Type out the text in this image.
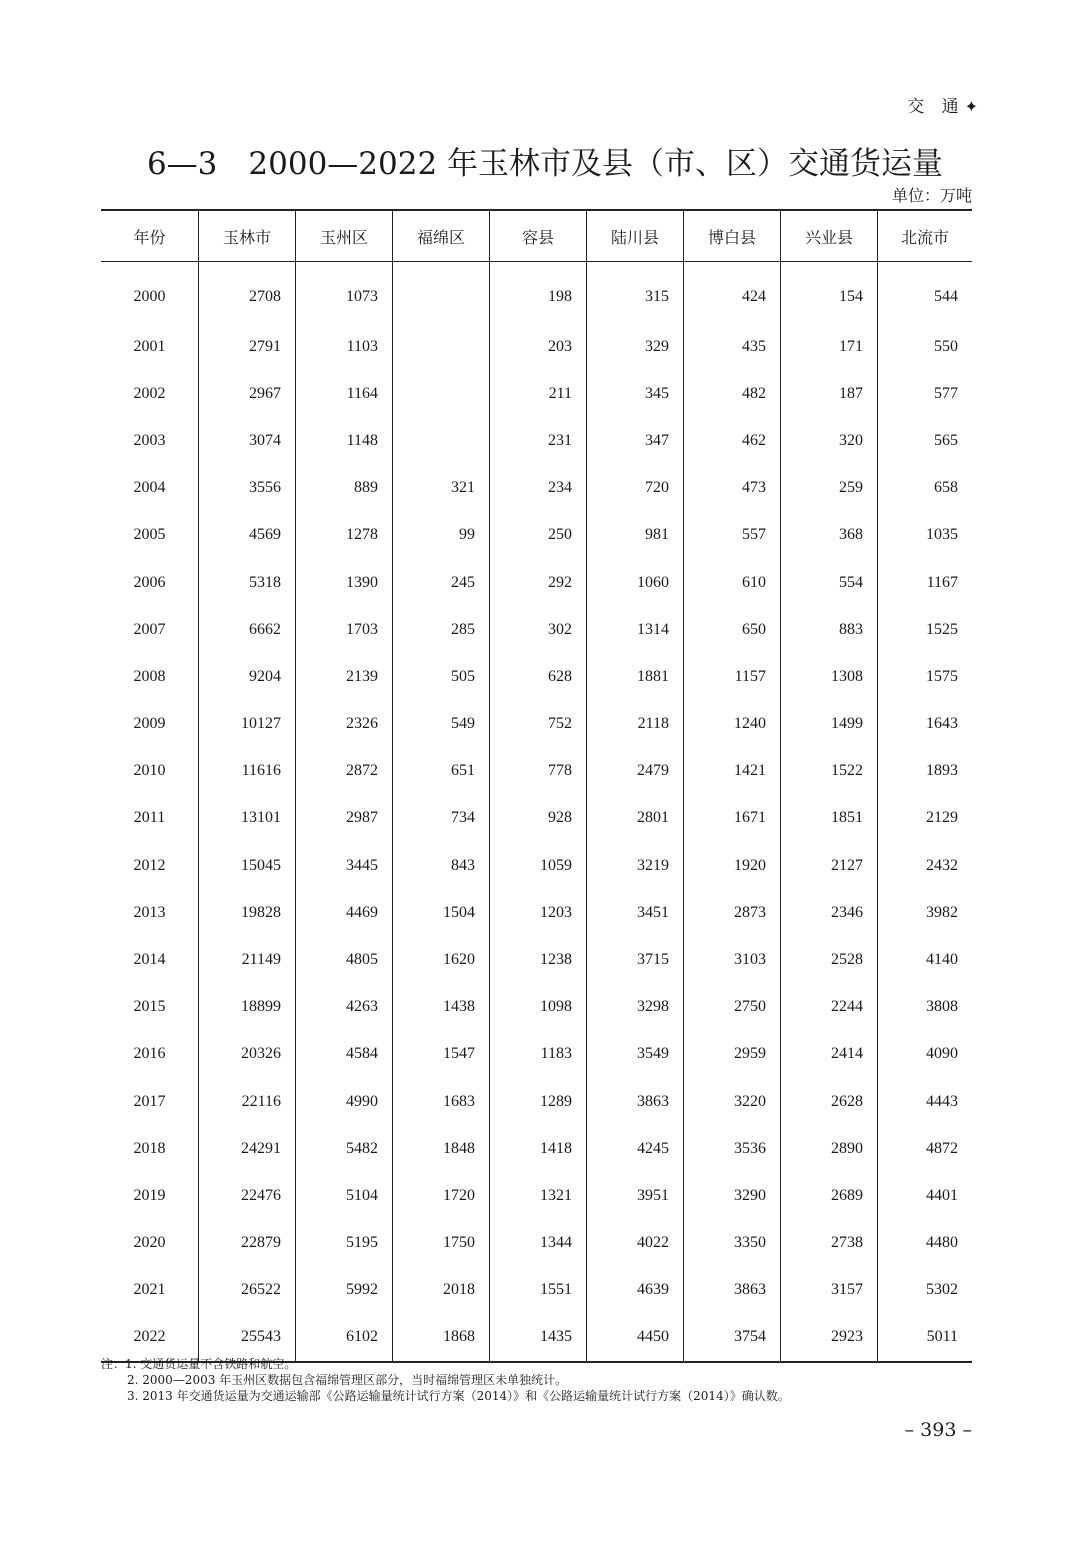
交 通✦
6—3　2000—2022 年玉林市及县（市、区）交通货运量
单位：万吨
年份	玉林市	玉州区	福绵区	容县	陆川县	博白县	兴业县	北流市
2000	2708	1073		198	315	424	154	544
2001	2791	1103		203	329	435	171	550
2002	2967	1164		211	345	482	187	577
2003	3074	1148		231	347	462	320	565
2004	3556	889	321	234	720	473	259	658
2005	4569	1278	99	250	981	557	368	1035
2006	5318	1390	245	292	1060	610	554	1167
2007	6662	1703	285	302	1314	650	883	1525
2008	9204	2139	505	628	1881	1157	1308	1575
2009	10127	2326	549	752	2118	1240	1499	1643
2010	11616	2872	651	778	2479	1421	1522	1893
2011	13101	2987	734	928	2801	1671	1851	2129
2012	15045	3445	843	1059	3219	1920	2127	2432
2013	19828	4469	1504	1203	3451	2873	2346	3982
2014	21149	4805	1620	1238	3715	3103	2528	4140
2015	18899	4263	1438	1098	3298	2750	2244	3808
2016	20326	4584	1547	1183	3549	2959	2414	4090
2017	22116	4990	1683	1289	3863	3220	2628	4443
2018	24291	5482	1848	1418	4245	3536	2890	4872
2019	22476	5104	1720	1321	3951	3290	2689	4401
2020	22879	5195	1750	1344	4022	3350	2738	4480
2021	26522	5992	2018	1551	4639	3863	3157	5302
2022	25543	6102	1868	1435	4450	3754	2923	5011
注：1. 交通货运量不含铁路和航空。
2. 2000—2003 年玉州区数据包含福绵管理区部分，当时福绵管理区未单独统计。
3. 2013 年交通货运量为交通运输部《公路运输量统计试行方案（2014）》和《公路运输量统计试行方案（2014）》确认数。
– 393 –
